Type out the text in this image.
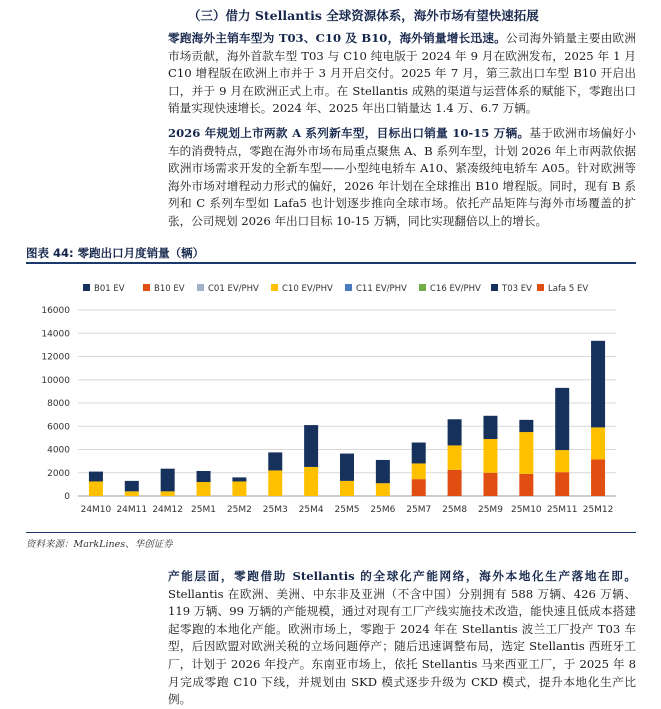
（三）借力 Stellantis 全球资源体系，海外市场有望快速拓展
零跑海外主销车型为 T03、C10 及 B10，海外销量增长迅速。公司海外销量主要由欧洲市场贡献，海外首款车型 T03 与 C10 纯电版于 2024 年 9 月在欧洲发布，2025 年 1 月 C10 增程版在欧洲上市并于 3 月开启交付。2025 年 7 月，第三款出口车型 B10 开启出口，并于 9 月在欧洲正式上市。在 Stellantis 成熟的渠道与运营体系的赋能下，零跑出口销量实现快速增长。2024 年、2025 年出口销量达 1.4 万、6.7 万辆。
2026 年规划上市两款 A 系列新车型，目标出口销量 10-15 万辆。基于欧洲市场偏好小车的消费特点，零跑在海外市场布局重点聚焦 A、B 系列车型，计划 2026 年上市两款依据欧洲市场需求开发的全新车型——小型纯电轿车 A10、紧凑级纯电轿车 A05。针对欧洲等海外市场对增程动力形式的偏好，2026 年计划在全球推出 B10 增程版。同时，现有 B 系列和 C 系列车型如 Lafa5 也计划逐步推向全球市场。依托产品矩阵与海外市场覆盖的扩张，公司规划 2026 年出口目标 10-15 万辆，同比实现翻倍以上的增长。
图表 44: 零跑出口月度销量（辆）
B01 EV	B10 EV	C01 EV/PHV	C10 EV/PHV	C11 EV/PHV	C16 EV/PHV T03 EV Lafa 5 EV
0
2000
4000
6000
8000
10000
12000
14000
16000
24M10 24M11 24M12 25M1 25M2 25M3 25M4 25M5 25M6 25M7 25M8 25M9 25M10 25M11 25M12
资料来源：MarkLines、华创证券
产能层面，零跑借助 Stellantis 的全球化产能网络，海外本地化生产落地在即。Stellantis 在欧洲、美洲、中东非及亚洲（不含中国）分别拥有 588 万辆、426 万辆、119 万辆、99 万辆的产能规模，通过对现有工厂产线实施技术改造，能快速且低成本搭建起零跑的本地化产能。欧洲市场上，零跑于 2024 年在 Stellantis 波兰工厂投产 T03 车型，后因欧盟对欧洲关税的立场问题停产；随后迅速调整布局，选定 Stellantis 西班牙工厂，计划于 2026 年投产。东南亚市场上，依托 Stellantis 马来西亚工厂，于 2025 年 8 月完成零跑 C10 下线，并规划由 SKD 模式逐步升级为 CKD 模式，提升本地化生产比例。
